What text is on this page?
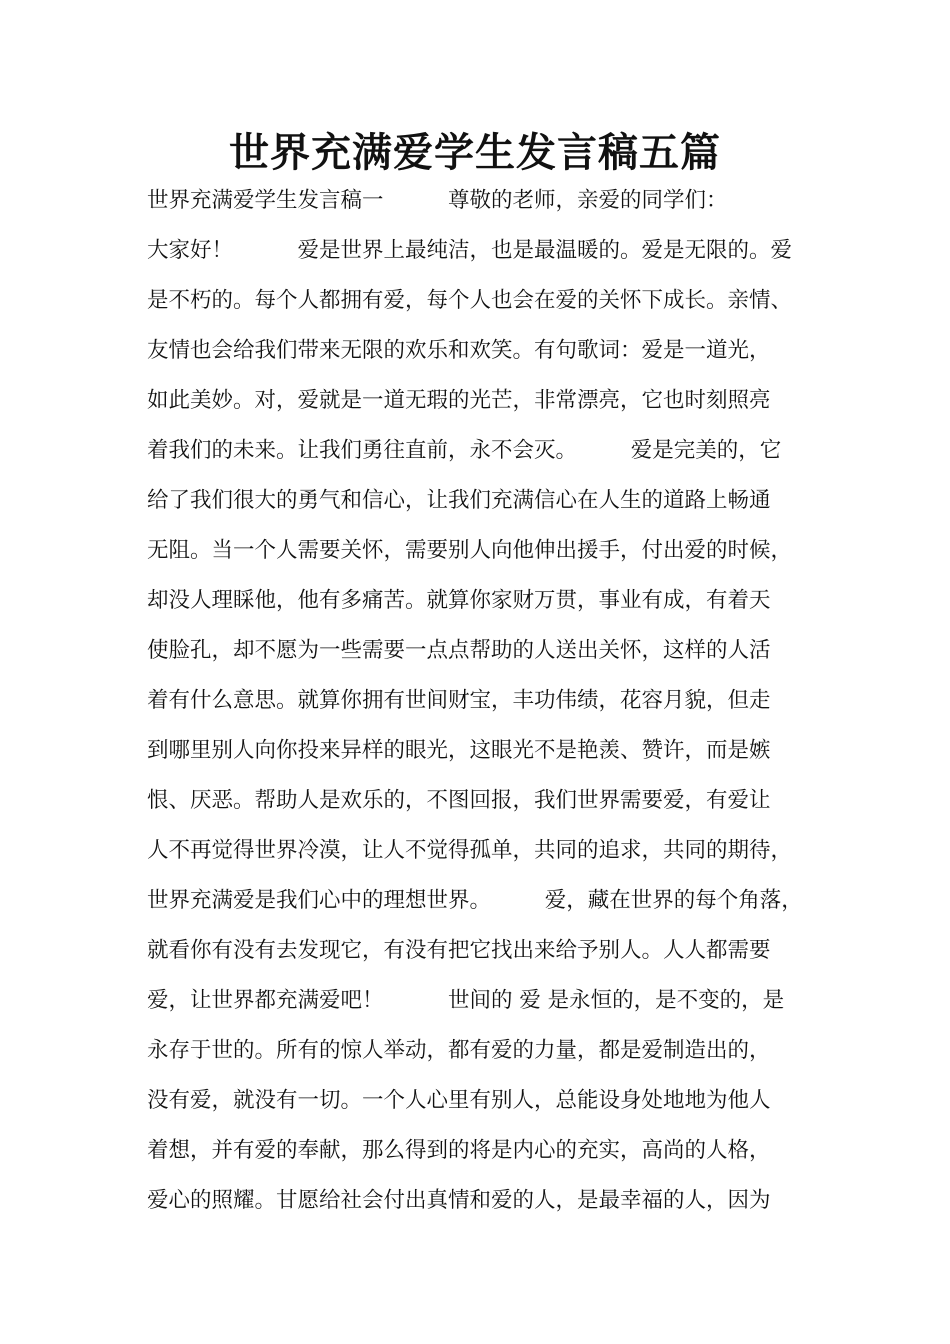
世界充满爱学生发言稿五篇
世界充满爱学生发言稿一　　　尊敬的老师，亲爱的同学们：
大家好！　　　爱是世界上最纯洁，也是最温暖的。爱是无限的。爱
是不朽的。每个人都拥有爱，每个人也会在爱的关怀下成长。亲情、
友情也会给我们带来无限的欢乐和欢笑。有句歌词：爱是一道光，
如此美妙。对，爱就是一道无瑕的光芒，非常漂亮，它也时刻照亮
着我们的未来。让我们勇往直前，永不会灭。　　　爱是完美的，它
给了我们很大的勇气和信心，让我们充满信心在人生的道路上畅通
无阻。当一个人需要关怀，需要别人向他伸出援手，付出爱的时候，
却没人理睬他，他有多痛苦。就算你家财万贯，事业有成，有着天
使脸孔，却不愿为一些需要一点点帮助的人送出关怀，这样的人活
着有什么意思。就算你拥有世间财宝，丰功伟绩，花容月貌，但走
到哪里别人向你投来异样的眼光，这眼光不是艳羡、赞许，而是嫉
恨、厌恶。帮助人是欢乐的，不图回报，我们世界需要爱，有爱让
人不再觉得世界冷漠，让人不觉得孤单，共同的追求，共同的期待，
世界充满爱是我们心中的理想世界。　　　爱，藏在世界的每个角落，
就看你有没有去发现它，有没有把它找出来给予别人。人人都需要
爱，让世界都充满爱吧！　　　世间的 爱 是永恒的，是不变的，是
永存于世的。所有的惊人举动，都有爱的力量，都是爱制造出的，
没有爱，就没有一切。一个人心里有别人，总能设身处地地为他人
着想，并有爱的奉献，那么得到的将是内心的充实，高尚的人格，
爱心的照耀。甘愿给社会付出真情和爱的人，是最幸福的人，因为
